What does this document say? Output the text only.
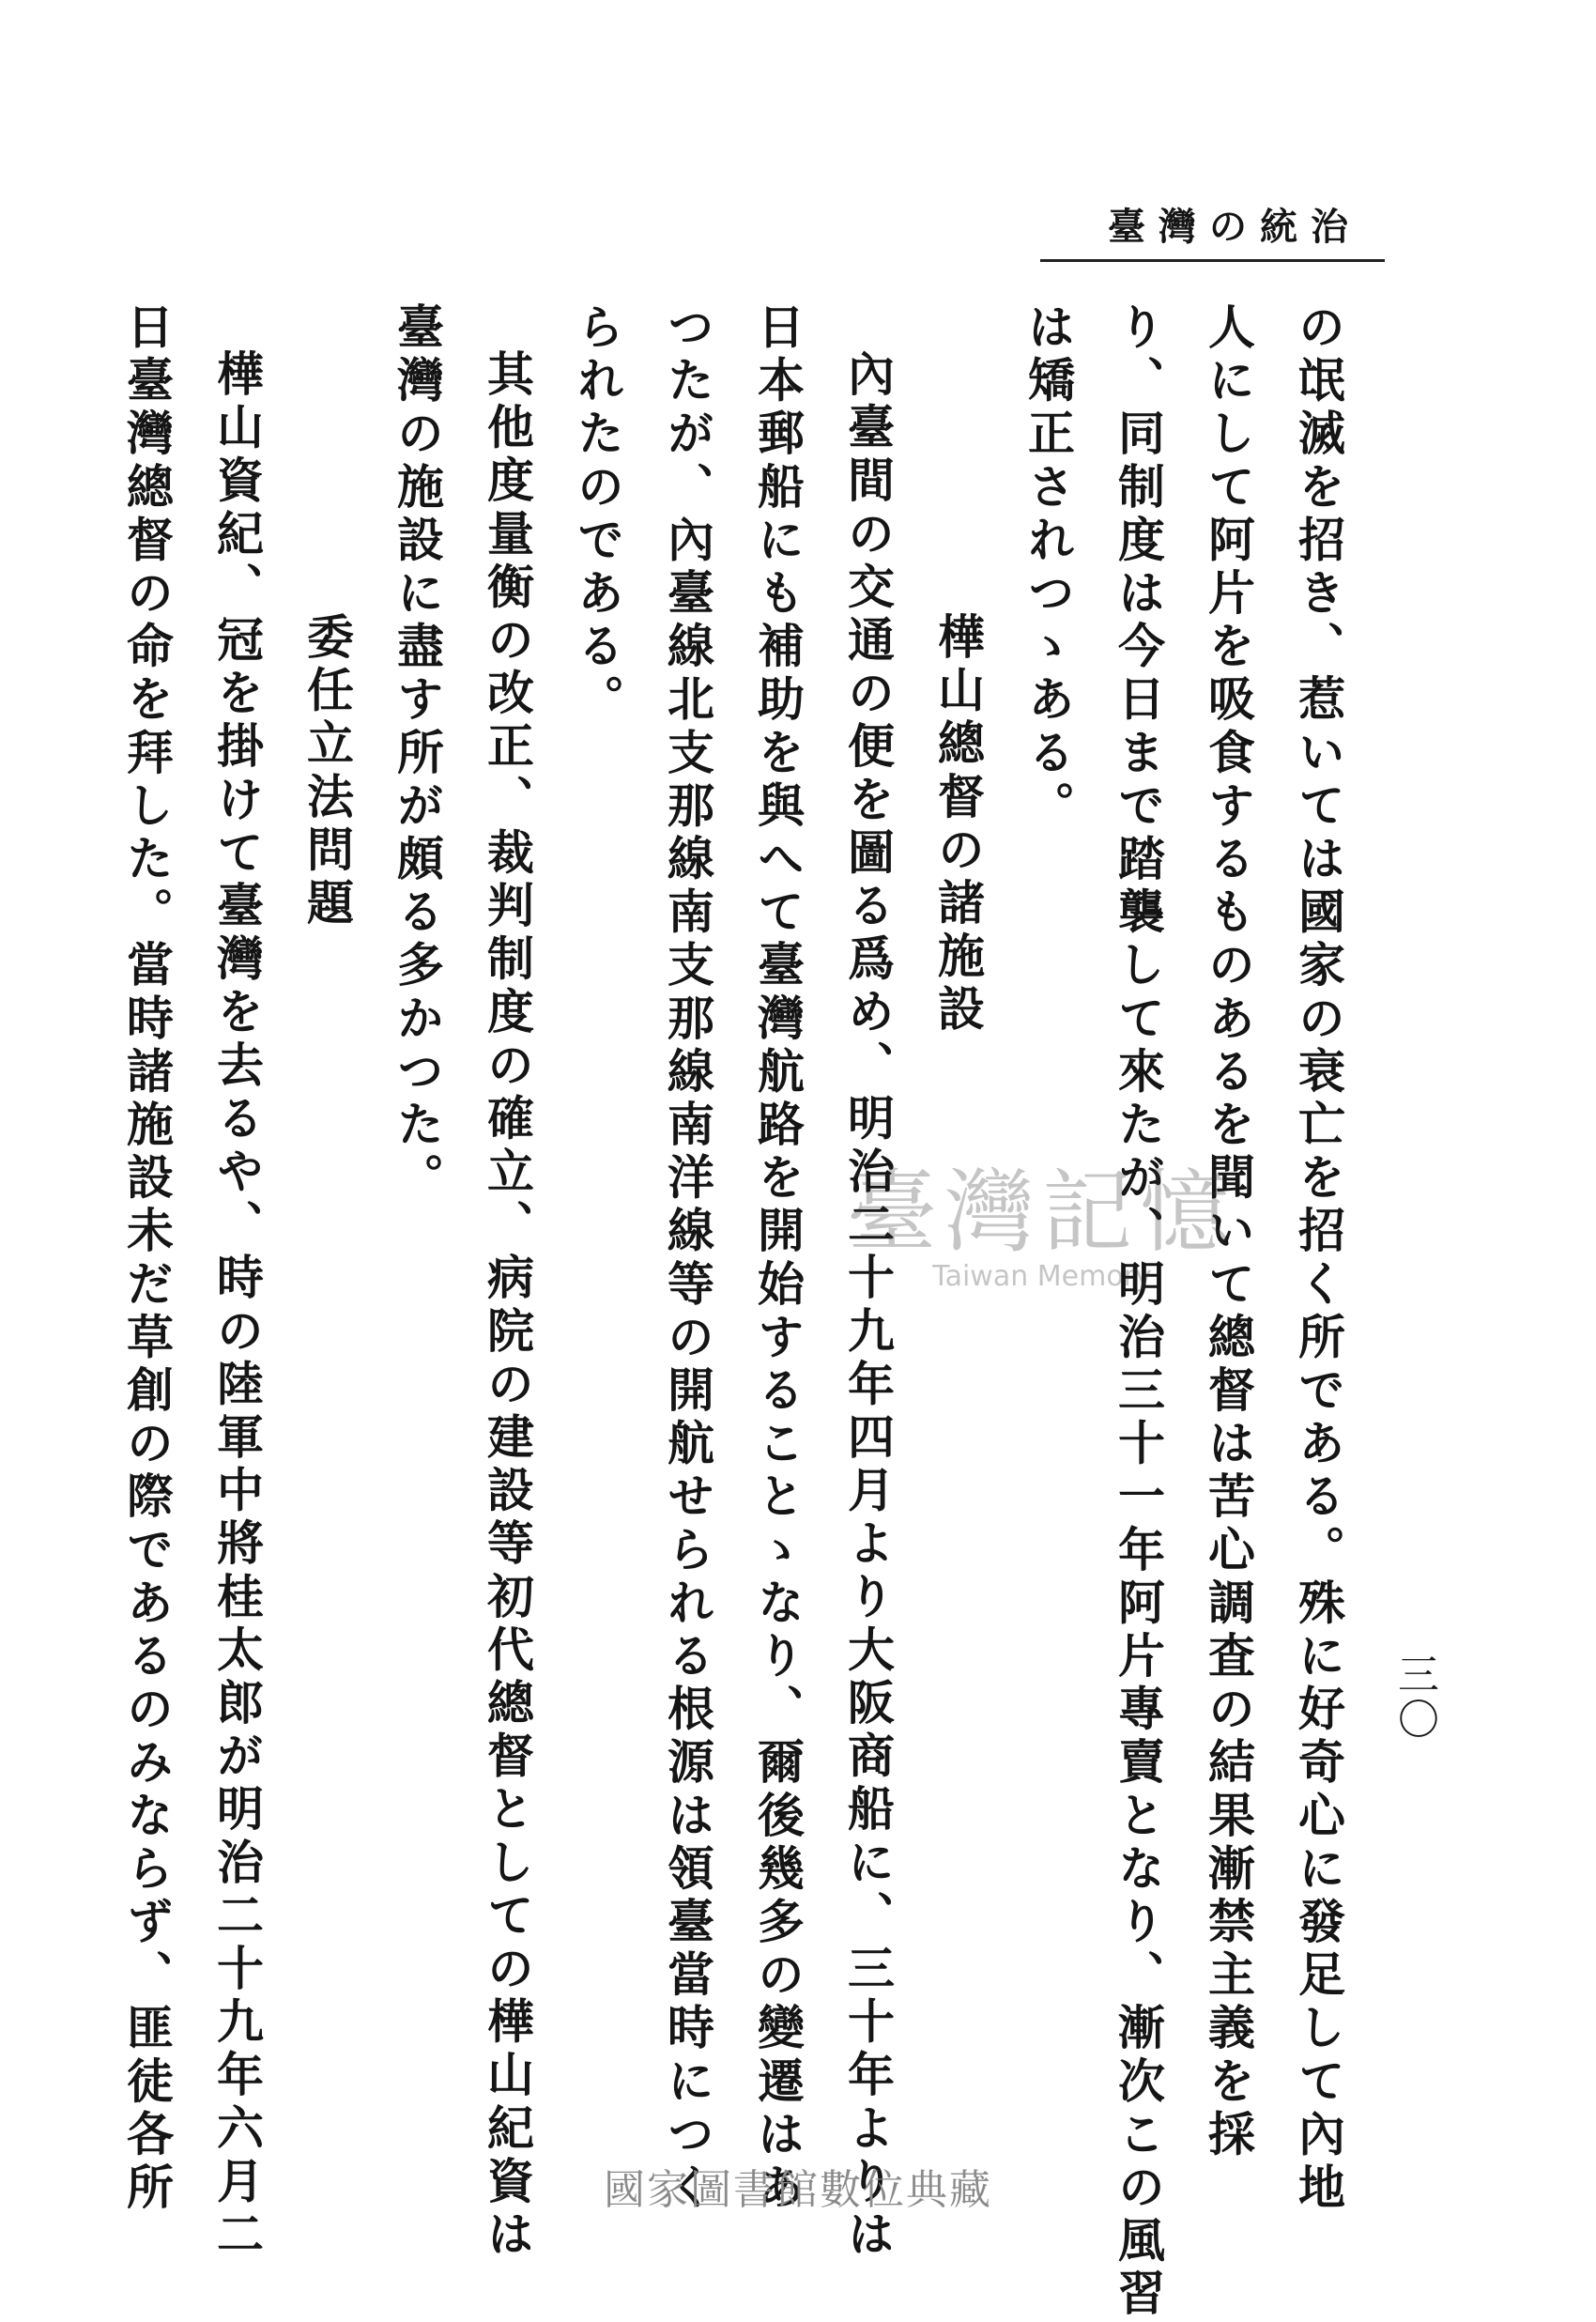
臺灣の統治
三〇
の氓滅を招き、惹いては國家の衰亡を招く所である。殊に好奇心に發足して內地
人にして阿片を吸食するものあるを聞いて總督は苦心調査の結果漸禁主義を採
り、同制度は今日まで踏襲して來たが、明治三十一年阿片專賣となり、漸次この風習
は矯正されつゝある。
樺山總督の諸施設
內臺間の交通の便を圖る爲め、明治二十九年四月より大阪商船に、三十年よりは
日本郵船にも補助を與へて臺灣航路を開始することゝなり、爾後幾多の變遷はあ
つたが、內臺線北支那線南支那線南洋線等の開航せられる根源は領臺當時につく
られたのである。
其他度量衡の改正、裁判制度の確立、病院の建設等初代總督としての樺山紀資は
臺灣の施設に盡す所が頗る多かつた。
委任立法問題
樺山資紀、冠を掛けて臺灣を去るや、時の陸軍中將桂太郎が明治二十九年六月二
日臺灣總督の命を拜した。當時諸施設未だ草創の際であるのみならず、匪徒各所	臺灣記憶
Taiwan Memory
國家圖書館數位典藏
